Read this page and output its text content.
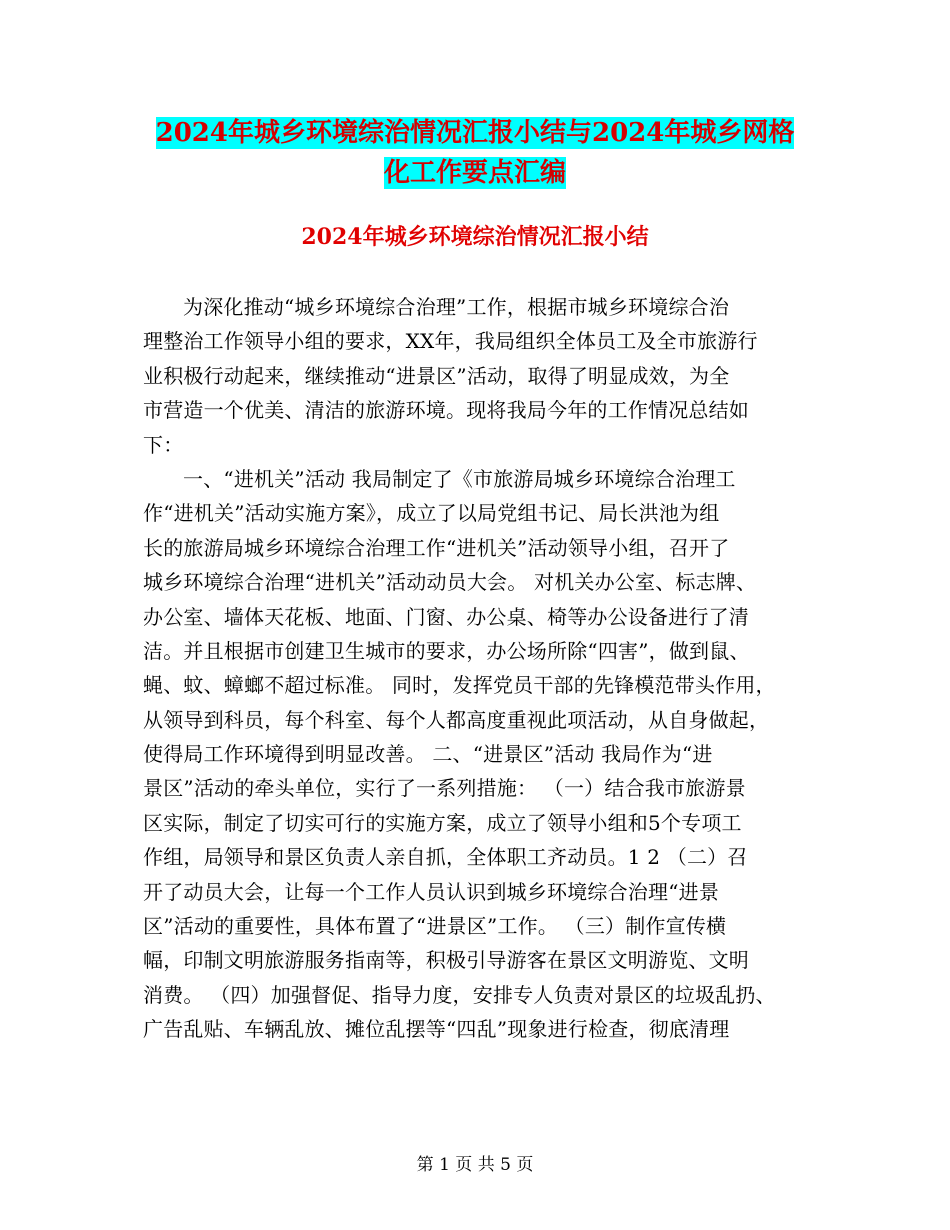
2024年城乡环境综治情况汇报小结与2024年城乡网格
化工作要点汇编
2024年城乡环境综治情况汇报小结
为深化推动“城乡环境综合治理”工作，根据市城乡环境综合治
理整治工作领导小组的要求，XX年，我局组织全体员工及全市旅游行
业积极行动起来，继续推动“进景区”活动，取得了明显成效，为全
市营造一个优美、清洁的旅游环境。现将我局今年的工作情况总结如
下：
一、“进机关”活动 我局制定了《市旅游局城乡环境综合治理工
作“进机关”活动实施方案》，成立了以局党组书记、局长洪池为组
长的旅游局城乡环境综合治理工作“进机关”活动领导小组，召开了
城乡环境综合治理“进机关”活动动员大会。 对机关办公室、标志牌、
办公室、墙体天花板、地面、门窗、办公桌、椅等办公设备进行了清
洁。并且根据市创建卫生城市的要求，办公场所除“四害”，做到鼠、
蝇、蚊、蟑螂不超过标准。 同时，发挥党员干部的先锋模范带头作用，
从领导到科员，每个科室、每个人都高度重视此项活动，从自身做起，
使得局工作环境得到明显改善。 二、“进景区”活动 我局作为“进
景区”活动的牵头单位，实行了一系列措施： （一）结合我市旅游景
区实际，制定了切实可行的实施方案，成立了领导小组和5个专项工
作组，局领导和景区负责人亲自抓，全体职工齐动员。1 2 （二）召
开了动员大会，让每一个工作人员认识到城乡环境综合治理“进景
区”活动的重要性，具体布置了“进景区”工作。 （三）制作宣传横
幅，印制文明旅游服务指南等，积极引导游客在景区文明游览、文明
消费。 （四）加强督促、指导力度，安排专人负责对景区的垃圾乱扔、
广告乱贴、车辆乱放、摊位乱摆等“四乱”现象进行检查，彻底清理
第 1 页 共 5 页
